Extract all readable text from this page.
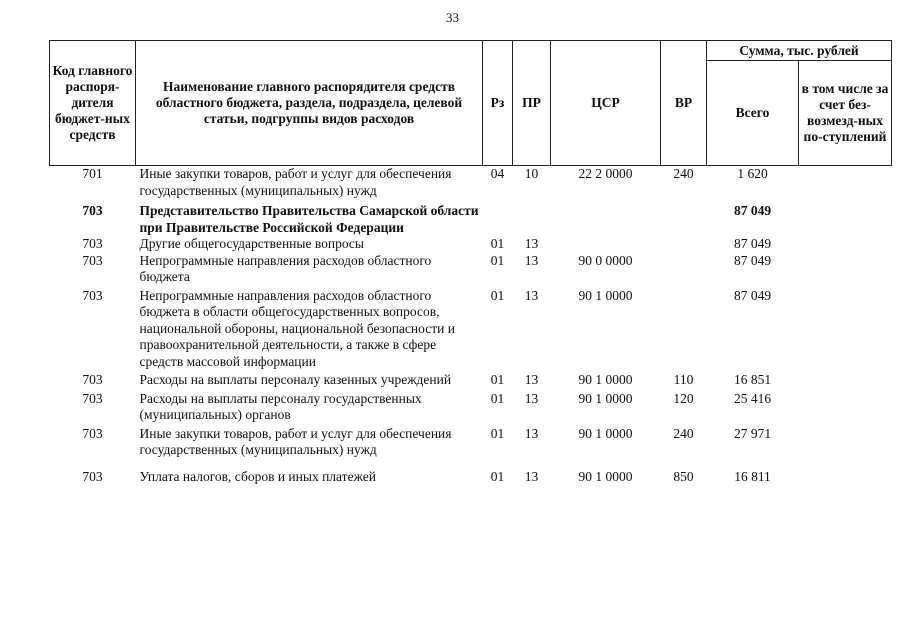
33
Код главного распоря-дителя бюджет-ных средств	Наименование главного распорядителя средств областного бюджета, раздела, подраздела, целевой статьи, подгруппы видов расходов	Рз	ПР	ЦСР	ВР	Сумма, тыс. рублей	
						Всего	в том числе за счет без-возмезд-ных по-ступлений
701	Иные закупки товаров, работ и услуг для обеспечения государственных (муниципальных) нужд	04	10	22 2 0000	240	1 620	
703	Представительство Правительства Самарской области при Правительстве Российской Федерации					87 049	
703	Другие общегосударственные вопросы	01	13			87 049	
703	Непрограммные направления расходов областного бюджета	01	13	90 0 0000		87 049	
703	Непрограммные направления расходов областного бюджета в области общегосударственных вопросов, национальной обороны, национальной безопасности и правоохранительной деятельности, а также в сфере средств массовой информации	01	13	90 1 0000		87 049	
703	Расходы на выплаты персоналу казенных учреждений	01	13	90 1 0000	110	16 851	
703	Расходы на выплаты персоналу государственных (муниципальных) органов	01	13	90 1 0000	120	25 416	
703	Иные закупки товаров, работ и услуг для обеспечения государственных (муниципальных) нужд	01	13	90 1 0000	240	27 971	
703	Уплата налогов, сборов и иных платежей	01	13	90 1 0000	850	16 811	
